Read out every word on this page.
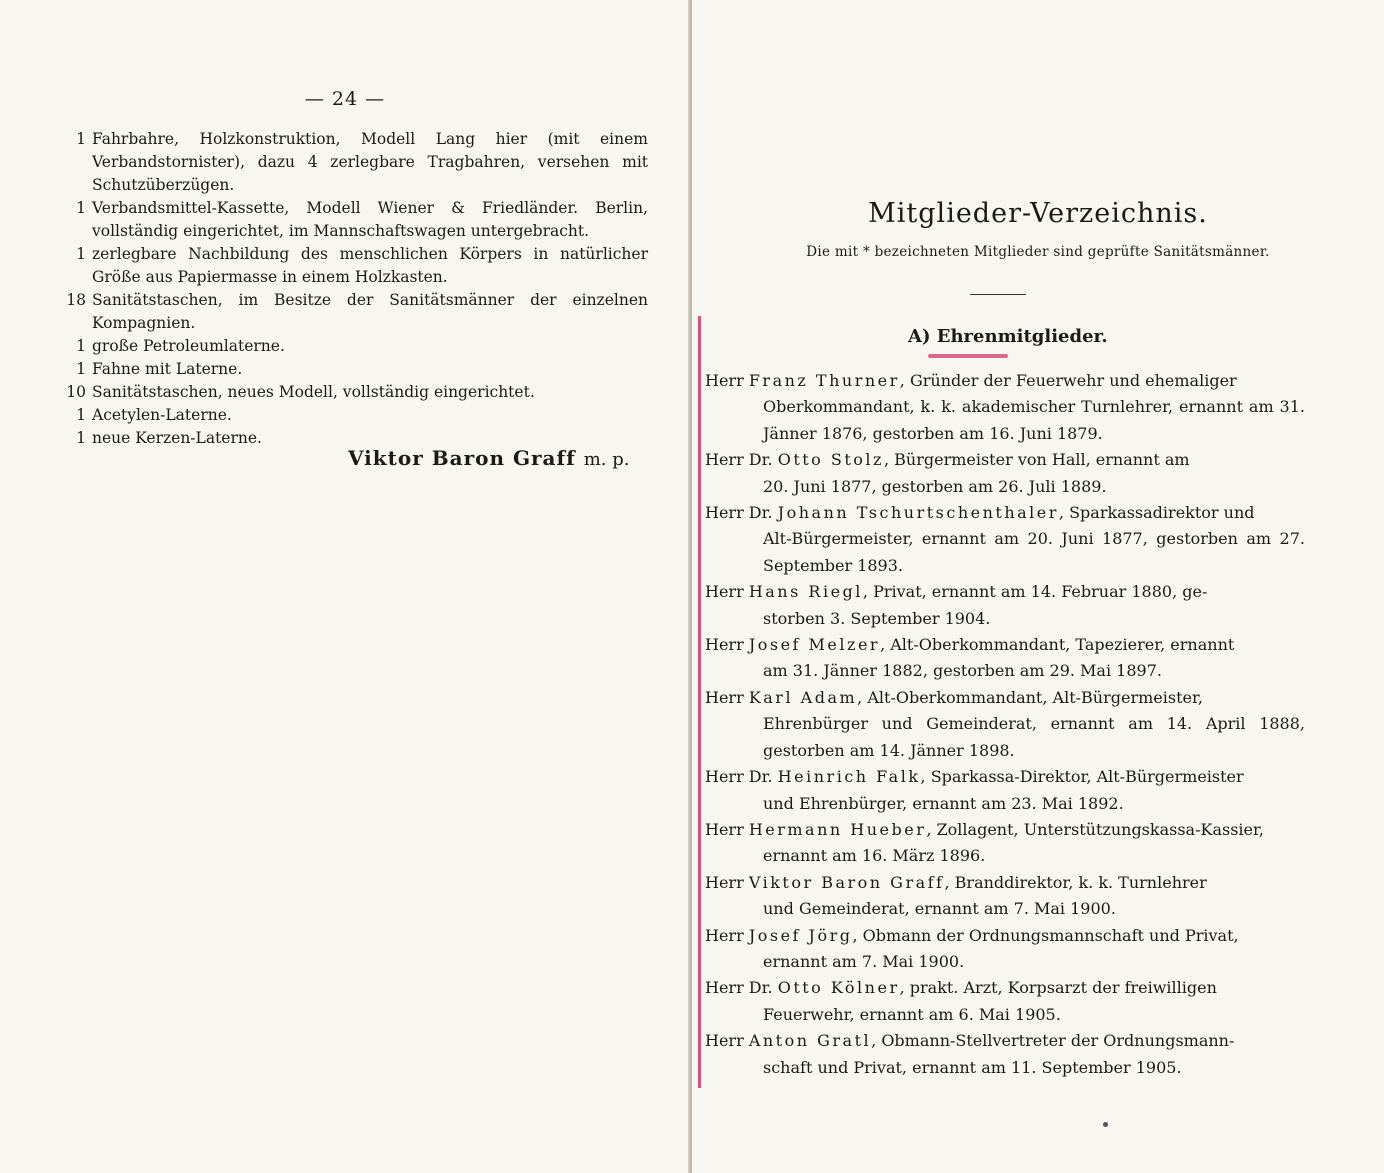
— 24 —
1 Fahrbahre, Holzkonstruktion, Modell Lang hier (mit einem Verbandstornister), dazu 4 zerlegbare Tragbahren, versehen mit Schutzüberzügen.
1 Verbandsmittel-Kassette, Modell Wiener & Friedländer. Berlin, vollständig eingerichtet, im Mannschaftswagen untergebracht.
1 zerlegbare Nachbildung des menschlichen Körpers in natürlicher Größe aus Papiermasse in einem Holzkasten.
18 Sanitätstaschen, im Besitze der Sanitätsmänner der einzelnen Kompagnien.
1 große Petroleumlaterne.
1 Fahne mit Laterne.
10 Sanitätstaschen, neues Modell, vollständig eingerichtet.
1 Acetylen-Laterne.
1 neue Kerzen-Laterne.
Viktor Baron Graff m. p.
Mitglieder-Verzeichnis.
Die mit * bezeichneten Mitglieder sind geprüfte Sanitätsmänner.
A) Ehrenmitglieder.
Herr Franz Thurner, Gründer der Feuerwehr und ehemaliger
Oberkommandant, k. k. akademischer Turnlehrer, ernannt am 31. Jänner 1876, gestorben am 16. Juni 1879.
Herr Dr. Otto Stolz, Bürgermeister von Hall, ernannt am
20. Juni 1877, gestorben am 26. Juli 1889.
Herr Dr. Johann Tschurtschenthaler, Sparkassadirektor und
Alt-Bürgermeister, ernannt am 20. Juni 1877, gestorben am 27. September 1893.
Herr Hans Riegl, Privat, ernannt am 14. Februar 1880, ge-
storben 3. September 1904.
Herr Josef Melzer, Alt-Oberkommandant, Tapezierer, ernannt
am 31. Jänner 1882, gestorben am 29. Mai 1897.
Herr Karl Adam, Alt-Oberkommandant, Alt-Bürgermeister,
Ehrenbürger und Gemeinderat, ernannt am 14. April 1888, gestorben am 14. Jänner 1898.
Herr Dr. Heinrich Falk, Sparkassa-Direktor, Alt-Bürgermeister
und Ehrenbürger, ernannt am 23. Mai 1892.
Herr Hermann Hueber, Zollagent, Unterstützungskassa-Kassier,
ernannt am 16. März 1896.
Herr Viktor Baron Graff, Branddirektor, k. k. Turnlehrer
und Gemeinderat, ernannt am 7. Mai 1900.
Herr Josef Jörg, Obmann der Ordnungsmannschaft und Privat,
ernannt am 7. Mai 1900.
Herr Dr. Otto Kölner, prakt. Arzt, Korpsarzt der freiwilligen
Feuerwehr, ernannt am 6. Mai 1905.
Herr Anton Gratl, Obmann-Stellvertreter der Ordnungsmann-
schaft und Privat, ernannt am 11. September 1905.
